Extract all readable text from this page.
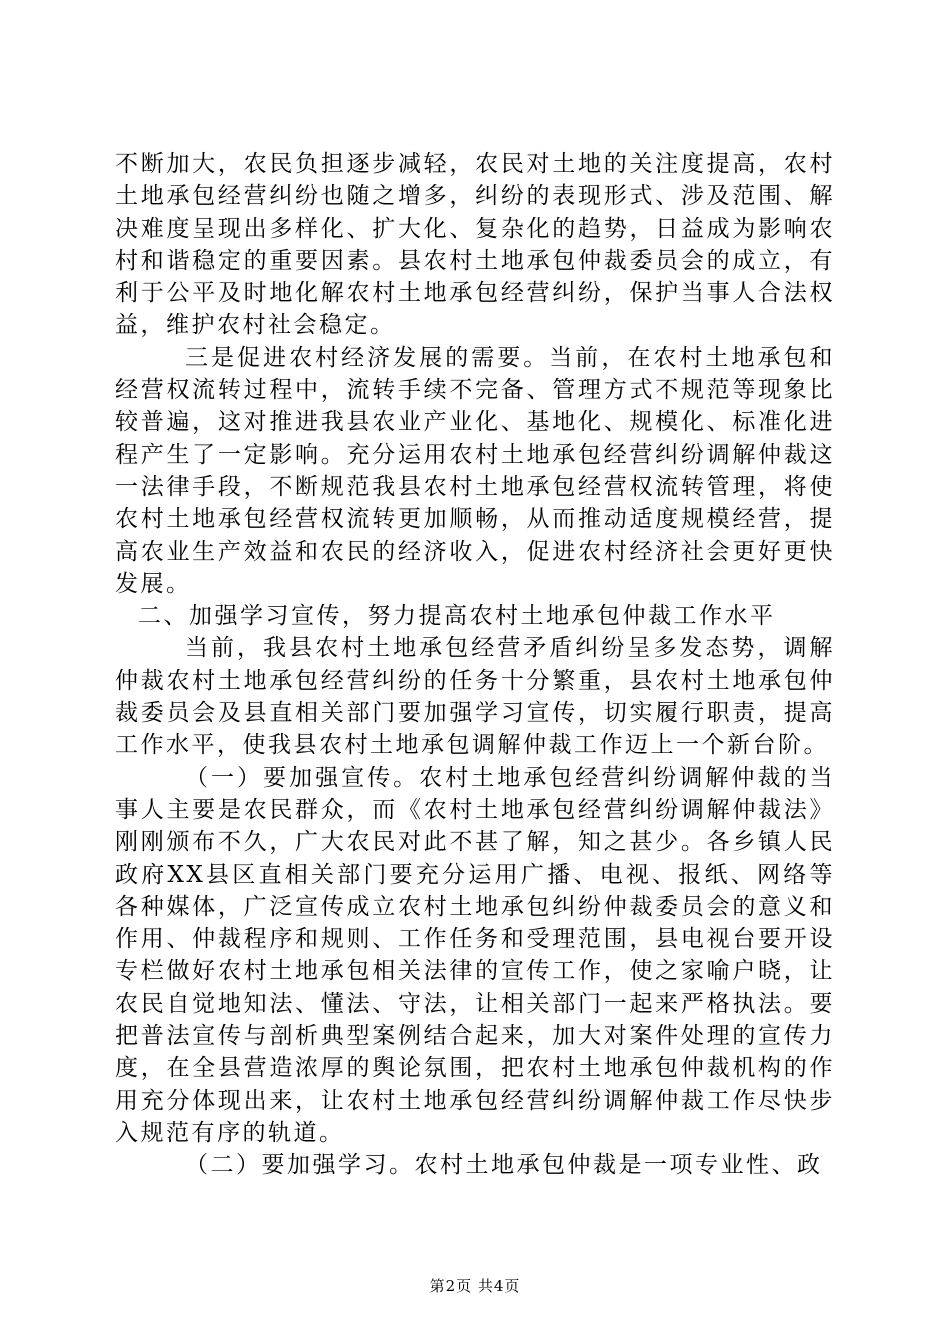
不断加大，农民负担逐步减轻，农民对土地的关注度提高，农村土地承包经营纠纷也随之增多，纠纷的表现形式、涉及范围、解决难度呈现出多样化、扩大化、复杂化的趋势，日益成为影响农村和谐稳定的重要因素。县农村土地承包仲裁委员会的成立，有利于公平及时地化解农村土地承包经营纠纷，保护当事人合法权益，维护农村社会稳定。

三是促进农村经济发展的需要。当前，在农村土地承包和经营权流转过程中，流转手续不完备、管理方式不规范等现象比较普遍，这对推进我县农业产业化、基地化、规模化、标准化进程产生了一定影响。充分运用农村土地承包经营纠纷调解仲裁这一法律手段，不断规范我县农村土地承包经营权流转管理，将使农村土地承包经营权流转更加顺畅，从而推动适度规模经营，提高农业生产效益和农民的经济收入，促进农村经济社会更好更快发展。

二、加强学习宣传，努力提高农村土地承包仲裁工作水平

当前，我县农村土地承包经营矛盾纠纷呈多发态势，调解仲裁农村土地承包经营纠纷的任务十分繁重，县农村土地承包仲裁委员会及县直相关部门要加强学习宣传，切实履行职责，提高工作水平，使我县农村土地承包调解仲裁工作迈上一个新台阶。

（一）要加强宣传。农村土地承包经营纠纷调解仲裁的当事人主要是农民群众，而《农村土地承包经营纠纷调解仲裁法》刚刚颁布不久，广大农民对此不甚了解，知之甚少。各乡镇人民政府XX县区直相关部门要充分运用广播、电视、报纸、网络等各种媒体，广泛宣传成立农村土地承包纠纷仲裁委员会的意义和作用、仲裁程序和规则、工作任务和受理范围，县电视台要开设专栏做好农村土地承包相关法律的宣传工作，使之家喻户晓，让农民自觉地知法、懂法、守法，让相关部门一起来严格执法。要把普法宣传与剖析典型案例结合起来，加大对案件处理的宣传力度，在全县营造浓厚的舆论氛围，把农村土地承包仲裁机构的作用充分体现出来，让农村土地承包经营纠纷调解仲裁工作尽快步入规范有序的轨道。

（二）要加强学习。农村土地承包仲裁是一项专业性、政

第2页 共4页
